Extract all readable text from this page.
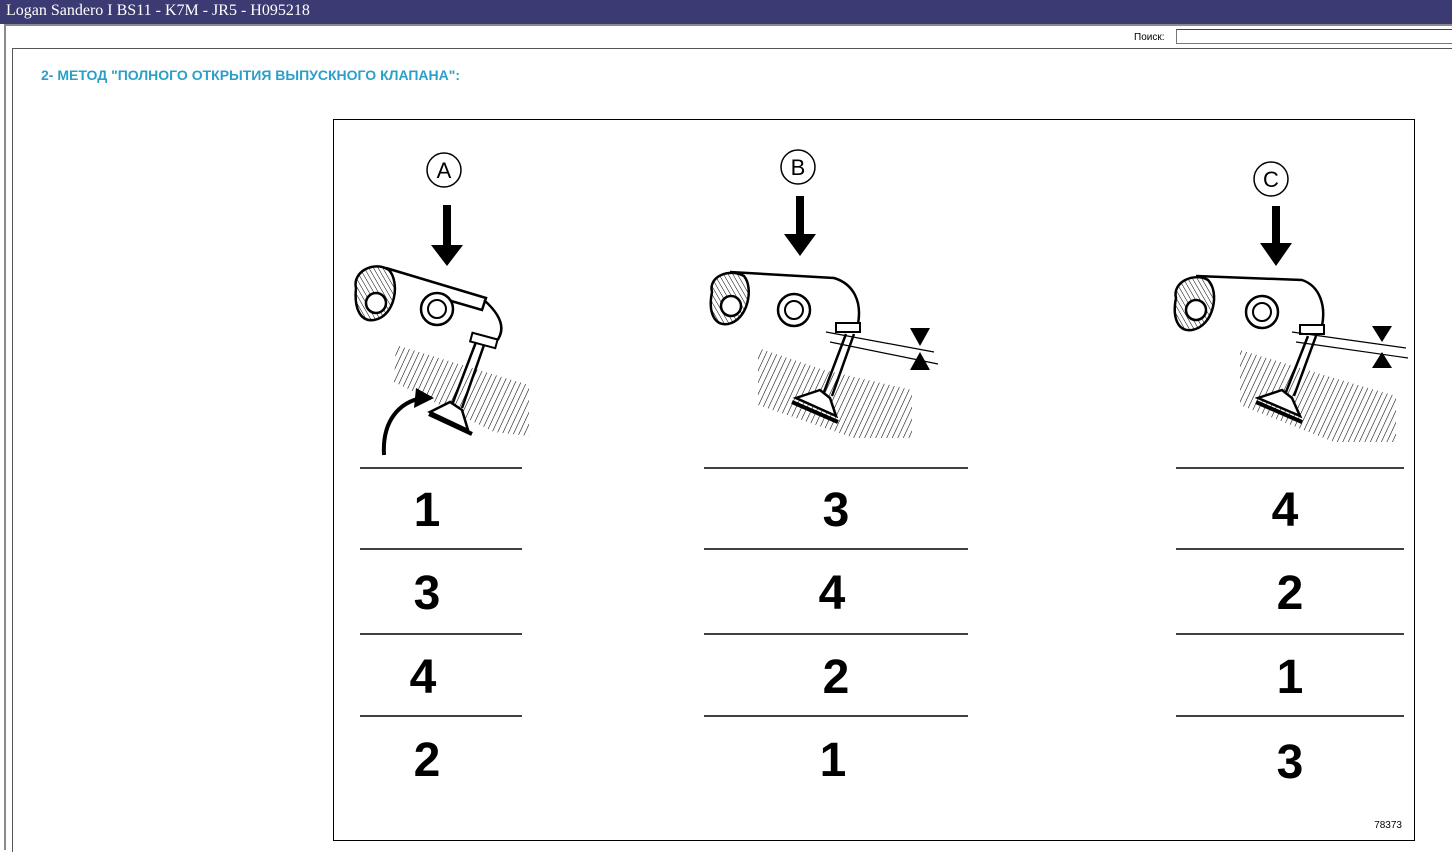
Logan Sandero I BS11 - K7M - JR5 - H095218
Поиск:
2- МЕТОД "ПОЛНОГО ОТКРЫТИЯ ВЫПУСКНОГО КЛАПАНА":
A	B	C
1
3
4
2
3
4
2
1
4
2
1
3
78373
